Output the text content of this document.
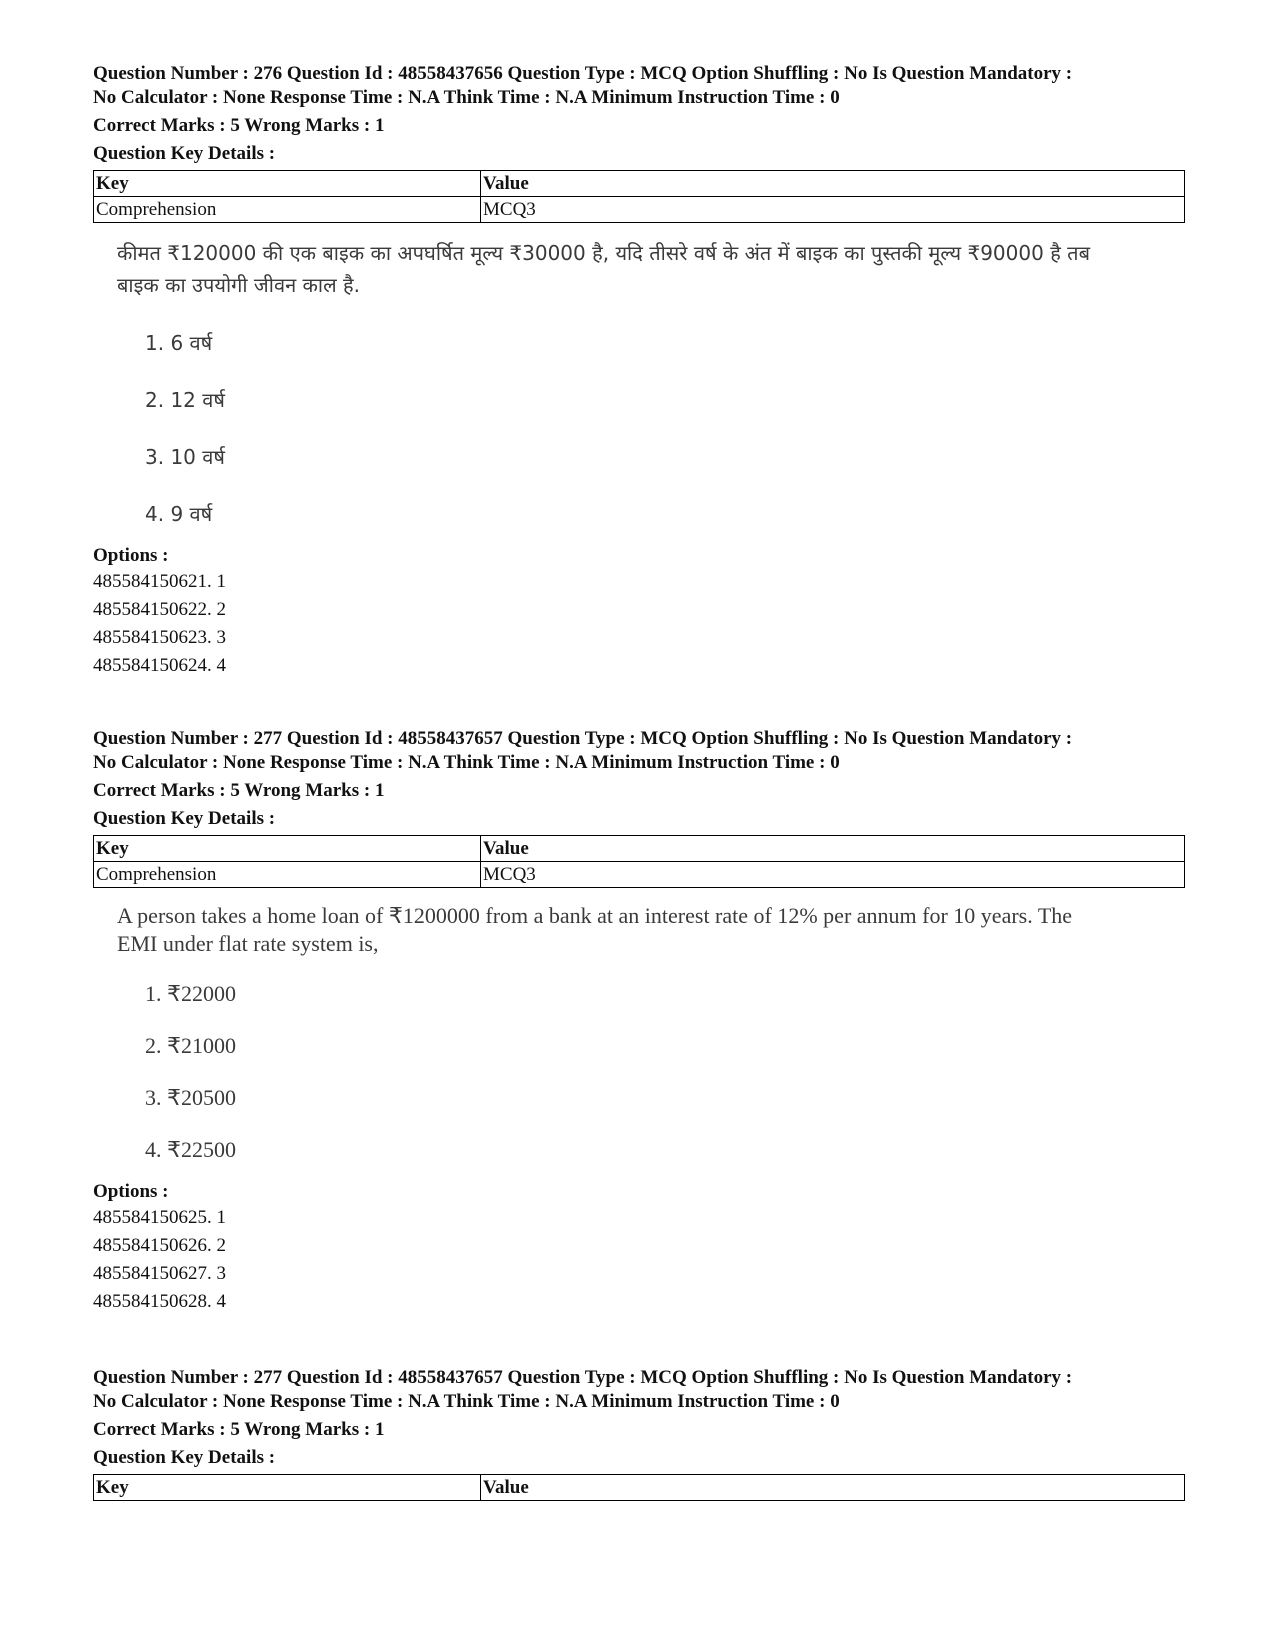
Question Number : 276 Question Id : 48558437656 Question Type : MCQ Option Shuffling : No Is Question Mandatory :

No Calculator : None Response Time : N.A Think Time : N.A Minimum Instruction Time : 0

Correct Marks : 5 Wrong Marks : 1
Question Key Details :
Key	Value
Comprehension	MCQ3
कीमत ₹120000 की एक बाइक का अपघर्षित मूल्य ₹30000 है, यदि तीसरे वर्ष के अंत में बाइक का पुस्तकी मूल्य ₹90000 है तब बाइक का उपयोगी जीवन काल है.
1. 6 वर्ष
2. 12 वर्ष
3. 10 वर्ष
4. 9 वर्ष
Options :
485584150621. 1
485584150622. 2
485584150623. 3
485584150624. 4

Question Number : 277 Question Id : 48558437657 Question Type : MCQ Option Shuffling : No Is Question Mandatory :

No Calculator : None Response Time : N.A Think Time : N.A Minimum Instruction Time : 0

Correct Marks : 5 Wrong Marks : 1
Question Key Details :
Key	Value
Comprehension	MCQ3
A person takes a home loan of ₹1200000 from a bank at an interest rate of 12% per annum for 10 years. The EMI under flat rate system is,
1. ₹22000
2. ₹21000
3. ₹20500
4. ₹22500
Options :
485584150625. 1
485584150626. 2
485584150627. 3
485584150628. 4

Question Number : 277 Question Id : 48558437657 Question Type : MCQ Option Shuffling : No Is Question Mandatory :

No Calculator : None Response Time : N.A Think Time : N.A Minimum Instruction Time : 0

Correct Marks : 5 Wrong Marks : 1
Question Key Details :
Key	Value
